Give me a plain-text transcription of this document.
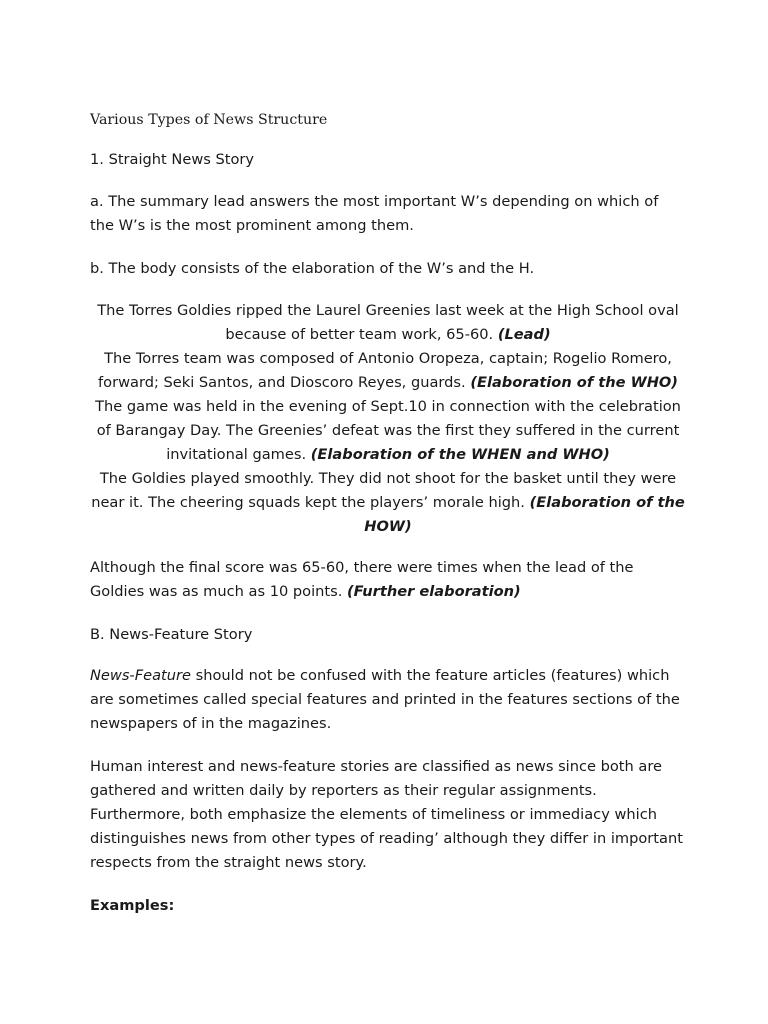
Various Types of News Structure

1. Straight News Story

a. The summary lead answers the most important W’s depending on which of the W’s is the most prominent among them.

b. The body consists of the elaboration of the W’s and the H.

The Torres Goldies ripped the Laurel Greenies last week at the High School oval because of better team work, 65-60. (Lead)

The Torres team was composed of Antonio Oropeza, captain; Rogelio Romero, forward; Seki Santos, and Dioscoro Reyes, guards. (Elaboration of the WHO)

The game was held in the evening of Sept.10 in connection with the celebration of Barangay Day. The Greenies’ defeat was the first they suffered in the current invitational games. (Elaboration of the WHEN and WHO)

The Goldies played smoothly. They did not shoot for the basket until they were near it. The cheering squads kept the players’ morale high. (Elaboration of the HOW)

Although the final score was 65-60, there were times when the lead of the Goldies was as much as 10 points. (Further elaboration)

B. News-Feature Story

News-Feature should not be confused with the feature articles (features) which are sometimes called special features and printed in the features sections of the newspapers of in the magazines.

Human interest and news-feature stories are classified as news since both are gathered and written daily by reporters as their regular assignments. Furthermore, both emphasize the elements of timeliness or immediacy which distinguishes news from other types of reading’ although they differ in important respects from the straight news story.

Examples:
